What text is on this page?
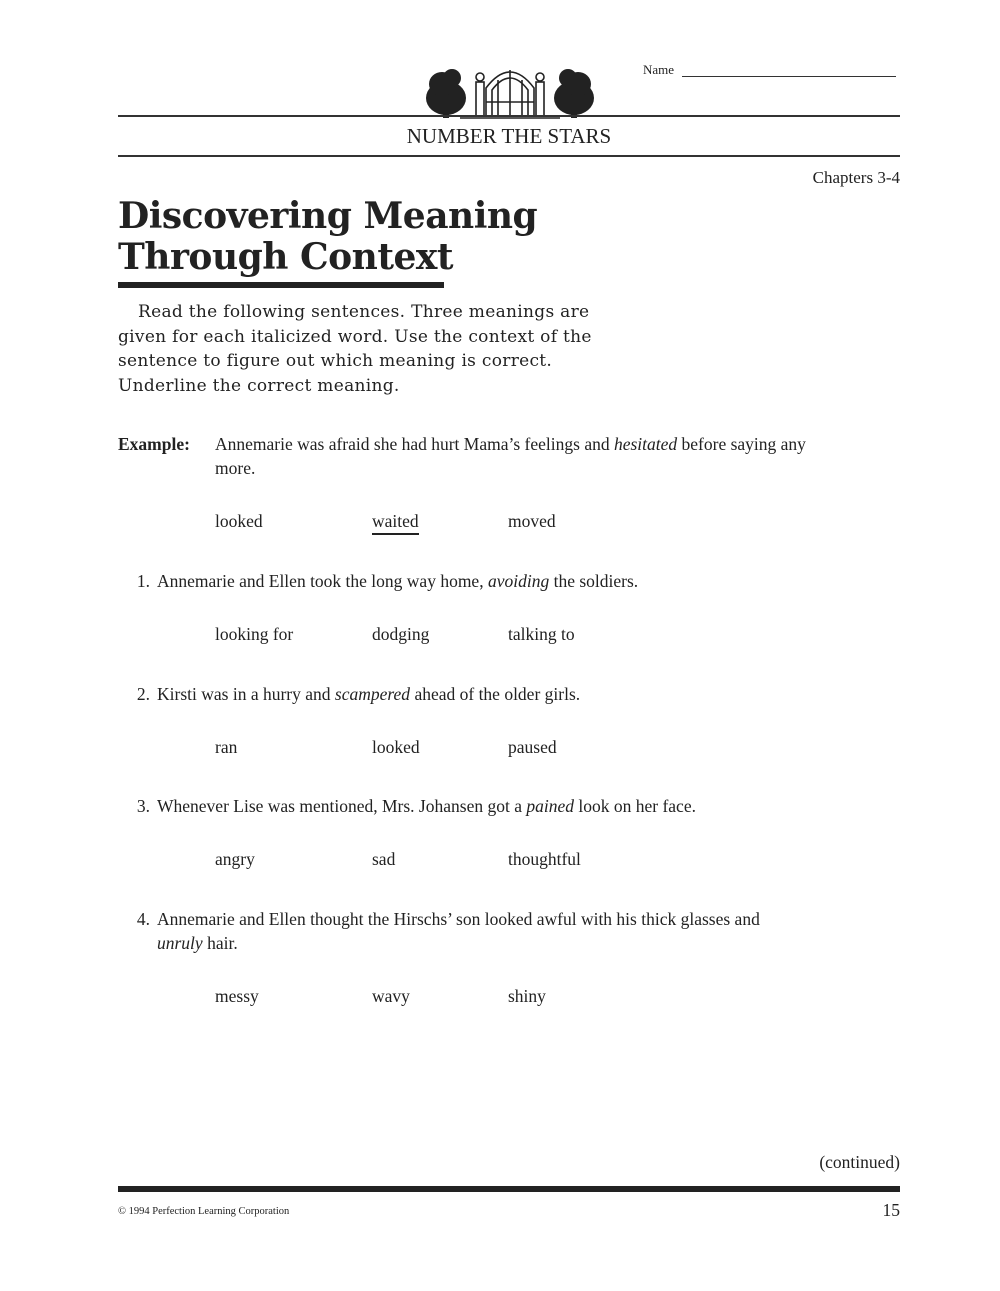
Name
NUMBER THE STARS
Chapters 3-4
Discovering Meaning
Through Context
Read the following sentences. Three meanings are given for each italicized word. Use the context of the sentence to figure out which meaning is correct. Underline the correct meaning.
Example: Annemarie was afraid she had hurt Mama’s feelings and hesitated before saying any more.
looked	waited	moved
1. Annemarie and Ellen took the long way home, avoiding the soldiers.
looking for	dodging	talking to
2. Kirsti was in a hurry and scampered ahead of the older girls.
ran	looked	paused
3. Whenever Lise was mentioned, Mrs. Johansen got a pained look on her face.
angry	sad	thoughtful
4. Annemarie and Ellen thought the Hirschs’ son looked awful with his thick glasses and unruly hair.
messy	wavy	shiny
(continued)
© 1994 Perfection Learning Corporation	15
